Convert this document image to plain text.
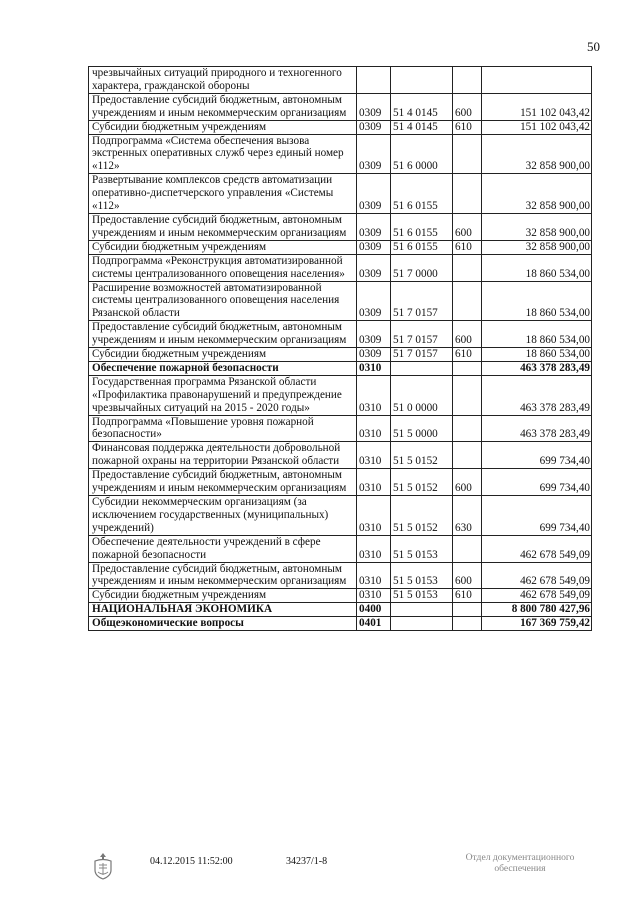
50
чрезвычайных ситуаций природного и техногенного характера, гражданской обороны				
Предоставление субсидий бюджетным, автономным учреждениям и иным некоммерческим организациям	0309	51 4 0145	600	151 102 043,42
Субсидии бюджетным учреждениям	0309	51 4 0145	610	151 102 043,42
Подпрограмма «Система обеспечения вызова экстренных оперативных служб через единый номер «112»	0309	51 6 0000		32 858 900,00
Развертывание комплексов средств автоматизации оперативно-диспетчерского управления «Системы «112»	0309	51 6 0155		32 858 900,00
Предоставление субсидий бюджетным, автономным учреждениям и иным некоммерческим организациям	0309	51 6 0155	600	32 858 900,00
Субсидии бюджетным учреждениям	0309	51 6 0155	610	32 858 900,00
Подпрограмма «Реконструкция автоматизированной системы централизованного оповещения населения»	0309	51 7 0000		18 860 534,00
Расширение возможностей автоматизированной системы централизованного оповещения населения Рязанской области	0309	51 7 0157		18 860 534,00
Предоставление субсидий бюджетным, автономным учреждениям и иным некоммерческим организациям	0309	51 7 0157	600	18 860 534,00
Субсидии бюджетным учреждениям	0309	51 7 0157	610	18 860 534,00
Обеспечение пожарной безопасности	0310			463 378 283,49
Государственная программа Рязанской области «Профилактика правонарушений и предупреждение чрезвычайных ситуаций на 2015 - 2020 годы»	0310	51 0 0000		463 378 283,49
Подпрограмма «Повышение уровня пожарной безопасности»	0310	51 5 0000		463 378 283,49
Финансовая поддержка деятельности добровольной пожарной охраны на территории Рязанской области	0310	51 5 0152		699 734,40
Предоставление субсидий бюджетным, автономным учреждениям и иным некоммерческим организациям	0310	51 5 0152	600	699 734,40
Субсидии некоммерческим организациям (за исключением государственных (муниципальных) учреждений)	0310	51 5 0152	630	699 734,40
Обеспечение деятельности учреждений в сфере пожарной безопасности	0310	51 5 0153		462 678 549,09
Предоставление субсидий бюджетным, автономным учреждениям и иным некоммерческим организациям	0310	51 5 0153	600	462 678 549,09
Субсидии бюджетным учреждениям	0310	51 5 0153	610	462 678 549,09
НАЦИОНАЛЬНАЯ ЭКОНОМИКА	0400			8 800 780 427,96
Общеэкономические вопросы	0401			167 369 759,42
04.12.2015 11:52:00	34237/1-8	Отдел документационного
обеспечения
